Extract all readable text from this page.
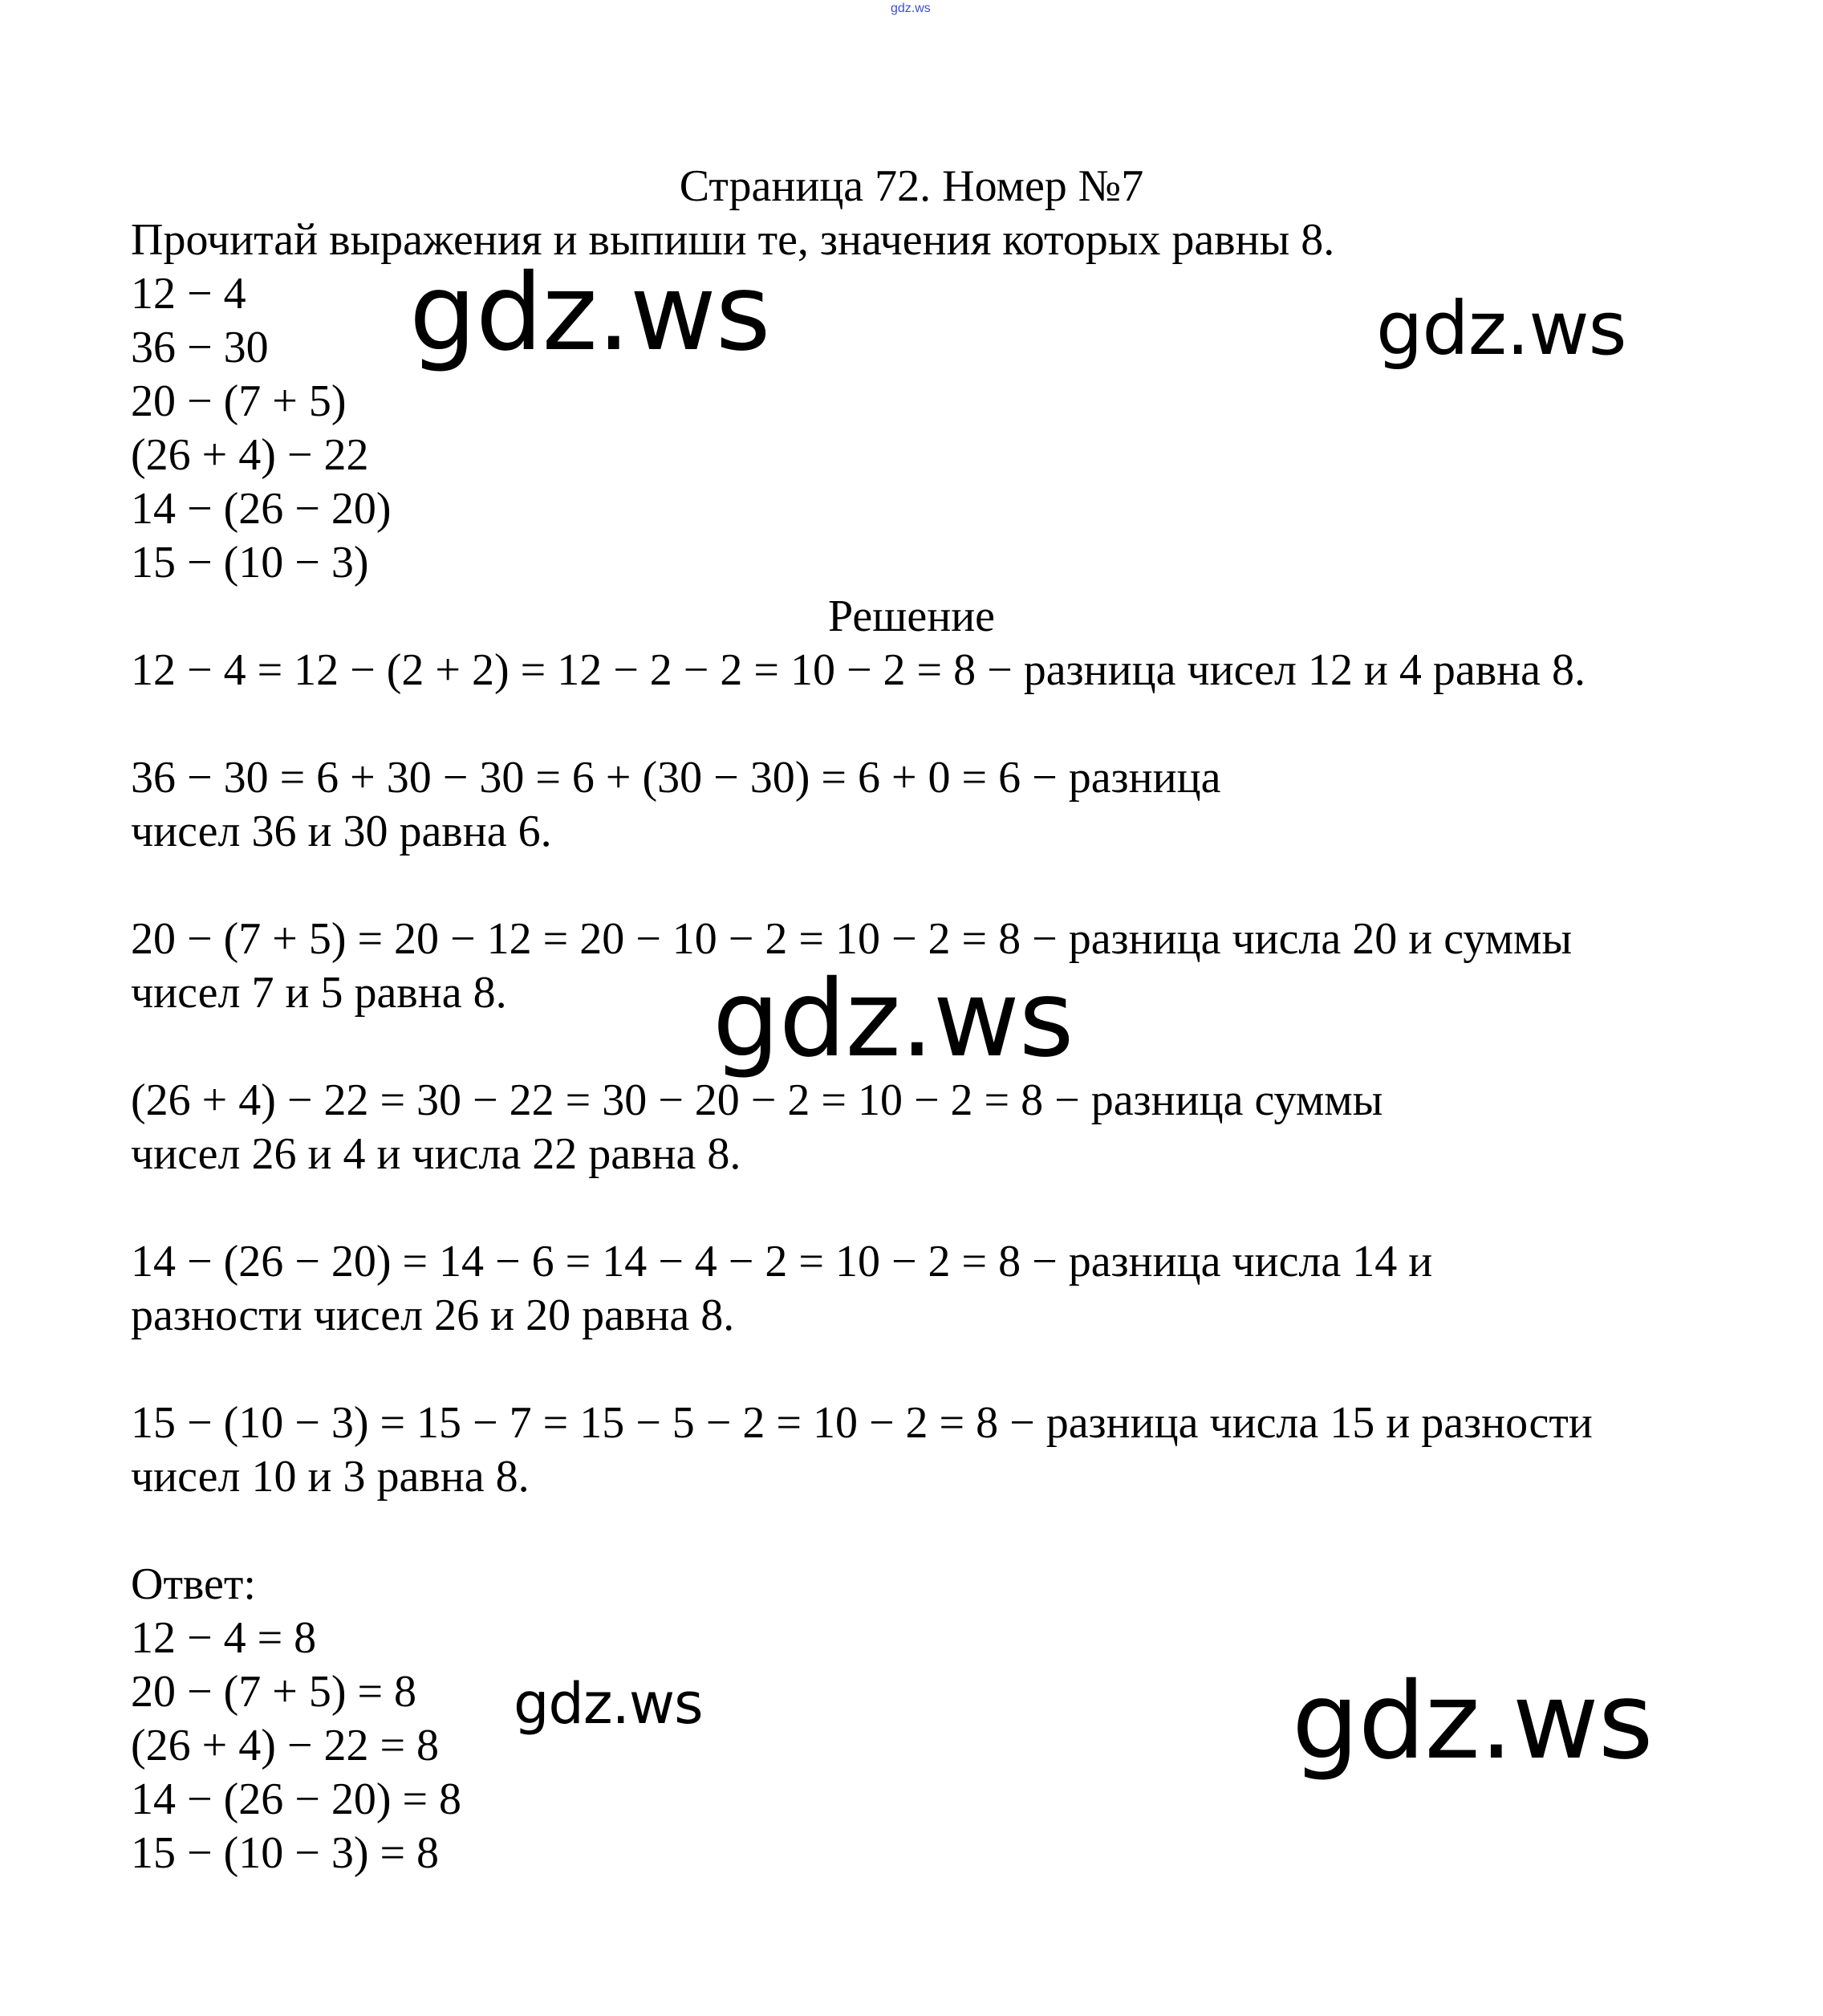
gdz.ws
Страница 72. Номер №7
Прочитай выражения и выпиши те, значения которых равны 8.
12 − 4
36 − 30
20 − (7 + 5)
(26 + 4) − 22
14 − (26 − 20)
15 − (10 − 3)
Решение
12 − 4 = 12 − (2 + 2) = 12 − 2 − 2 = 10 − 2 = 8 − разница чисел 12 и 4 равна 8.
36 − 30 = 6 + 30 − 30 = 6 + (30 − 30) = 6 + 0 = 6 − разница
чисел 36 и 30 равна 6.
20 − (7 + 5) = 20 − 12 = 20 − 10 − 2 = 10 − 2 = 8 − разница числа 20 и суммы
чисел 7 и 5 равна 8.
(26 + 4) − 22 = 30 − 22 = 30 − 20 − 2 = 10 − 2 = 8 − разница суммы
чисел 26 и 4 и числа 22 равна 8.
14 − (26 − 20) = 14 − 6 = 14 − 4 − 2 = 10 − 2 = 8 − разница числа 14 и
разности чисел 26 и 20 равна 8.
15 − (10 − 3) = 15 − 7 = 15 − 5 − 2 = 10 − 2 = 8 − разница числа 15 и разности
чисел 10 и 3 равна 8.
Ответ:
12 − 4 = 8
20 − (7 + 5) = 8
(26 + 4) − 22 = 8
14 − (26 − 20) = 8
15 − (10 − 3) = 8
gdz.ws	gdz.ws
gdz.ws
gdz.ws	gdz.ws
